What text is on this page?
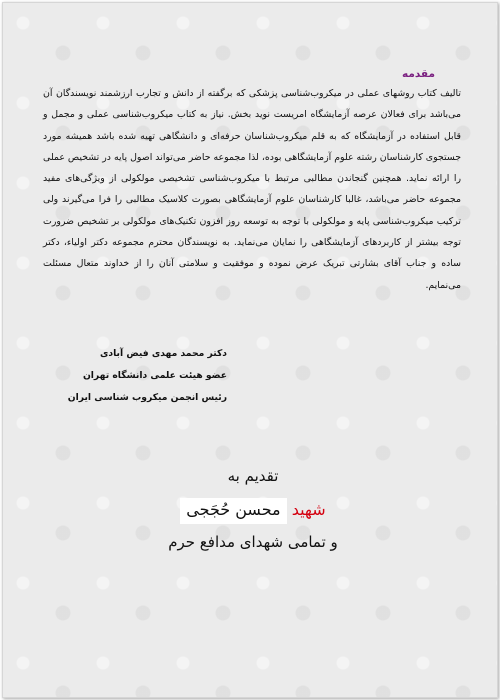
مقدمه
تالیف کتاب روشهای عملی در میکروب‌شناسی پزشکی که برگفته از دانش و تجارب ارزشمند نویسندگان آن می‌باشد برای فعالان عرصه آزمایشگاه امریست نوید بخش. نیاز به کتاب میکروب‌شناسی عملی و مجمل و قابل استفاده در آزمایشگاه که به قلم میکروب‌شناسان حرفه‌ای و دانشگاهی تهیه شده باشد همیشه مورد جستجوی کارشناسان رشته علوم آزمایشگاهی بوده، لذا مجموعه حاضر می‌تواند اصول پایه در تشخیص عملی را ارائه نماید. همچنین گنجاندن مطالبی مرتبط با میکروب‌شناسی تشخیصی مولکولی از ویژگی‌های مفید مجموعه حاضر می‌باشد، غالبا کارشناسان علوم آزمایشگاهی بصورت کلاسیک مطالبی را فرا می‌گیرند ولی ترکیب میکروب‌شناسی پایه و مولکولی با توجه به توسعه روز افزون تکنیک‌های مولکولی بر تشخیص ضرورت توجه بیشتر از کاربردهای آزمایشگاهی را نمایان می‌نماید. به نویسندگان محترم مجموعه دکتر اولیاء، دکتر ساده و جناب آقای بشارتی تبریک عرض نموده و موفقیت و سلامتی آنان را از خداوند متعال مسئلت می‌نمایم.
دکتر محمد مهدی فیض آبادی
عضو هیئت علمی دانشگاه تهران
رئیس انجمن میکروب شناسی ایران
تقدیم به
شهید محسن حُجَجی
و تمامی شهدای مدافع حرم
